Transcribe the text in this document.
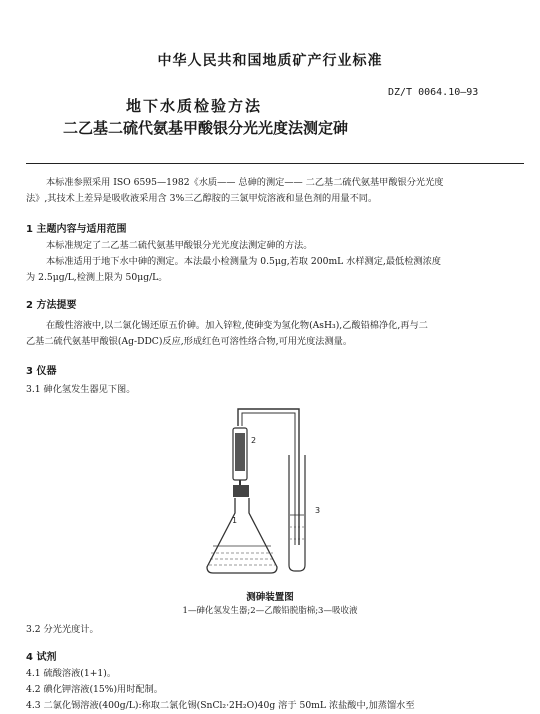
中华人民共和国地质矿产行业标准
DZ/T 0064.10—93
地下水质检验方法
二乙基二硫代氨基甲酸银分光光度法测定砷
本标准参照采用 ISO 6595—1982《水质—— 总砷的测定—— 二乙基二硫代氨基甲酸银分光光度
法》,其技术上差异是吸收液采用含 3%三乙醇胺的三氯甲烷溶液和显色剂的用量不同。
1 主题内容与适用范围
本标准规定了二乙基二硫代氨基甲酸银分光光度法测定砷的方法。
本标准适用于地下水中砷的测定。本法最小检测量为 0.5μg,若取 200mL 水样测定,最低检测浓度
为 2.5μg/L,检测上限为 50μg/L。
2 方法提要
在酸性溶液中,以二氯化锡还原五价砷。加入锌粒,使砷变为氢化物(AsH₃),乙酸铅棉净化,再与二
乙基二硫代氨基甲酸银(Ag-DDC)反应,形成红色可溶性络合物,可用光度法测量。
3 仪器
3.1 砷化氢发生器见下图。
1
2
3
测砷装置图
1—砷化氢发生器;2—乙酸铅脱脂棉;3—吸收液
3.2 分光光度计。
4 试剂
4.1 硫酸溶液(1+1)。
4.2 碘化钾溶液(15%)用时配制。
4.3 二氯化锡溶液(400g/L):称取二氯化锡(SnCl₂·2H₂O)40g 溶于 50mL 浓盐酸中,加蒸馏水至
